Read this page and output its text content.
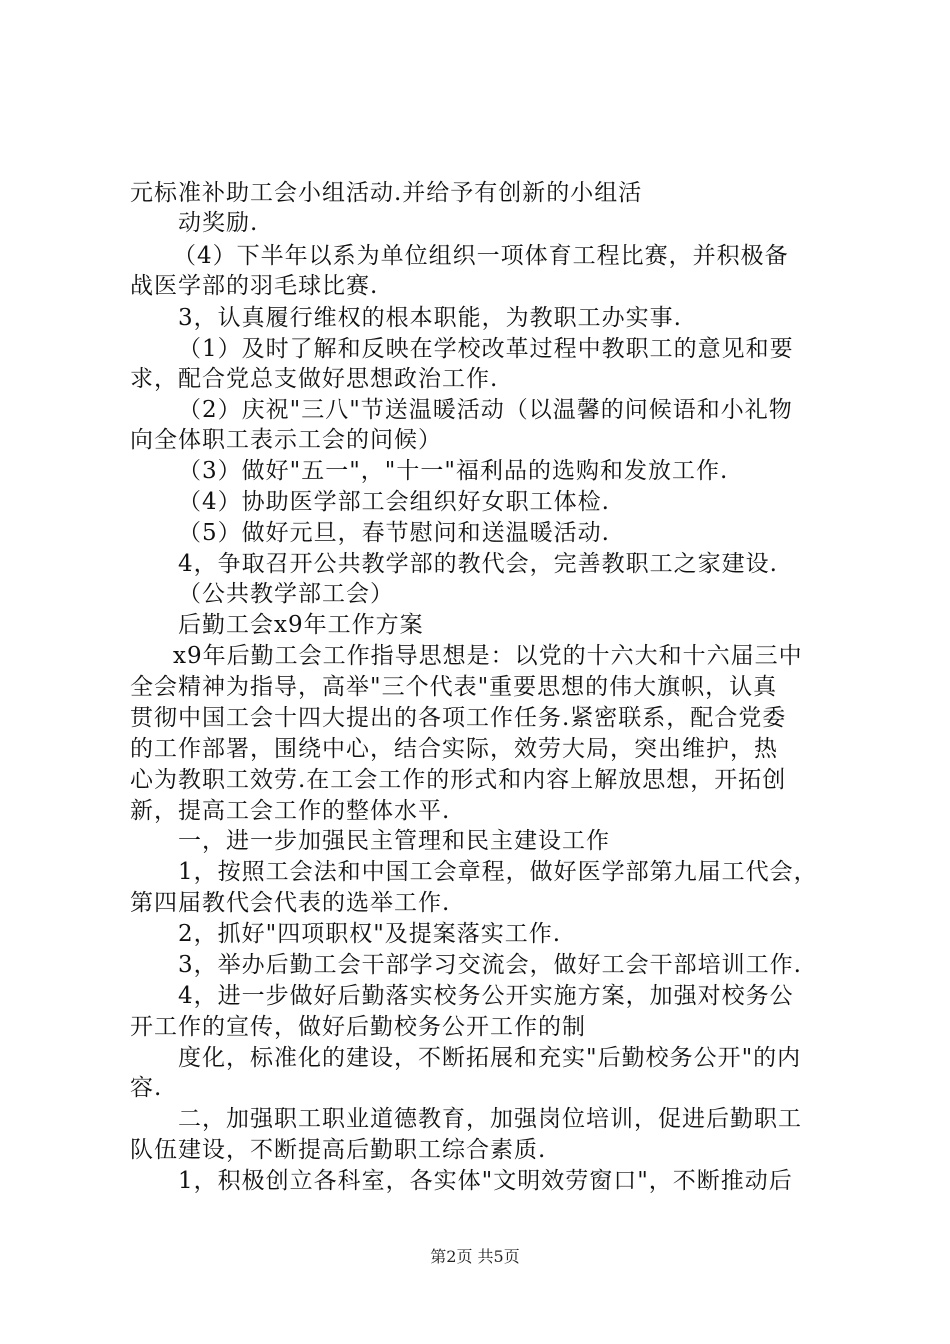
元标准补助工会小组活动.并给予有创新的小组活
动奖励.
（4）下半年以系为单位组织一项体育工程比赛，并积极备
战医学部的羽毛球比赛.
3，认真履行维权的根本职能，为教职工办实事.
（1）及时了解和反映在学校改革过程中教职工的意见和要
求，配合党总支做好思想政治工作.
（2）庆祝"三八"节送温暖活动（以温馨的问候语和小礼物
向全体职工表示工会的问候）
（3）做好"五一"，"十一"福利品的选购和发放工作.
（4）协助医学部工会组织好女职工体检.
（5）做好元旦，春节慰问和送温暖活动.
4，争取召开公共教学部的教代会，完善教职工之家建设.
（公共教学部工会）
后勤工会x9年工作方案
x9年后勤工会工作指导思想是：以党的十六大和十六届三中
全会精神为指导，高举"三个代表"重要思想的伟大旗帜，认真
贯彻中国工会十四大提出的各项工作任务.紧密联系，配合党委
的工作部署，围绕中心，结合实际，效劳大局，突出维护，热
心为教职工效劳.在工会工作的形式和内容上解放思想，开拓创
新，提高工会工作的整体水平.
一，进一步加强民主管理和民主建设工作
1，按照工会法和中国工会章程，做好医学部第九届工代会，
第四届教代会代表的选举工作.
2，抓好"四项职权"及提案落实工作.
3，举办后勤工会干部学习交流会，做好工会干部培训工作.
4，进一步做好后勤落实校务公开实施方案，加强对校务公
开工作的宣传，做好后勤校务公开工作的制
度化，标准化的建设，不断拓展和充实"后勤校务公开"的内
容.
二，加强职工职业道德教育，加强岗位培训，促进后勤职工
队伍建设，不断提高后勤职工综合素质.
1，积极创立各科室，各实体"文明效劳窗口"，不断推动后
第2页 共5页
